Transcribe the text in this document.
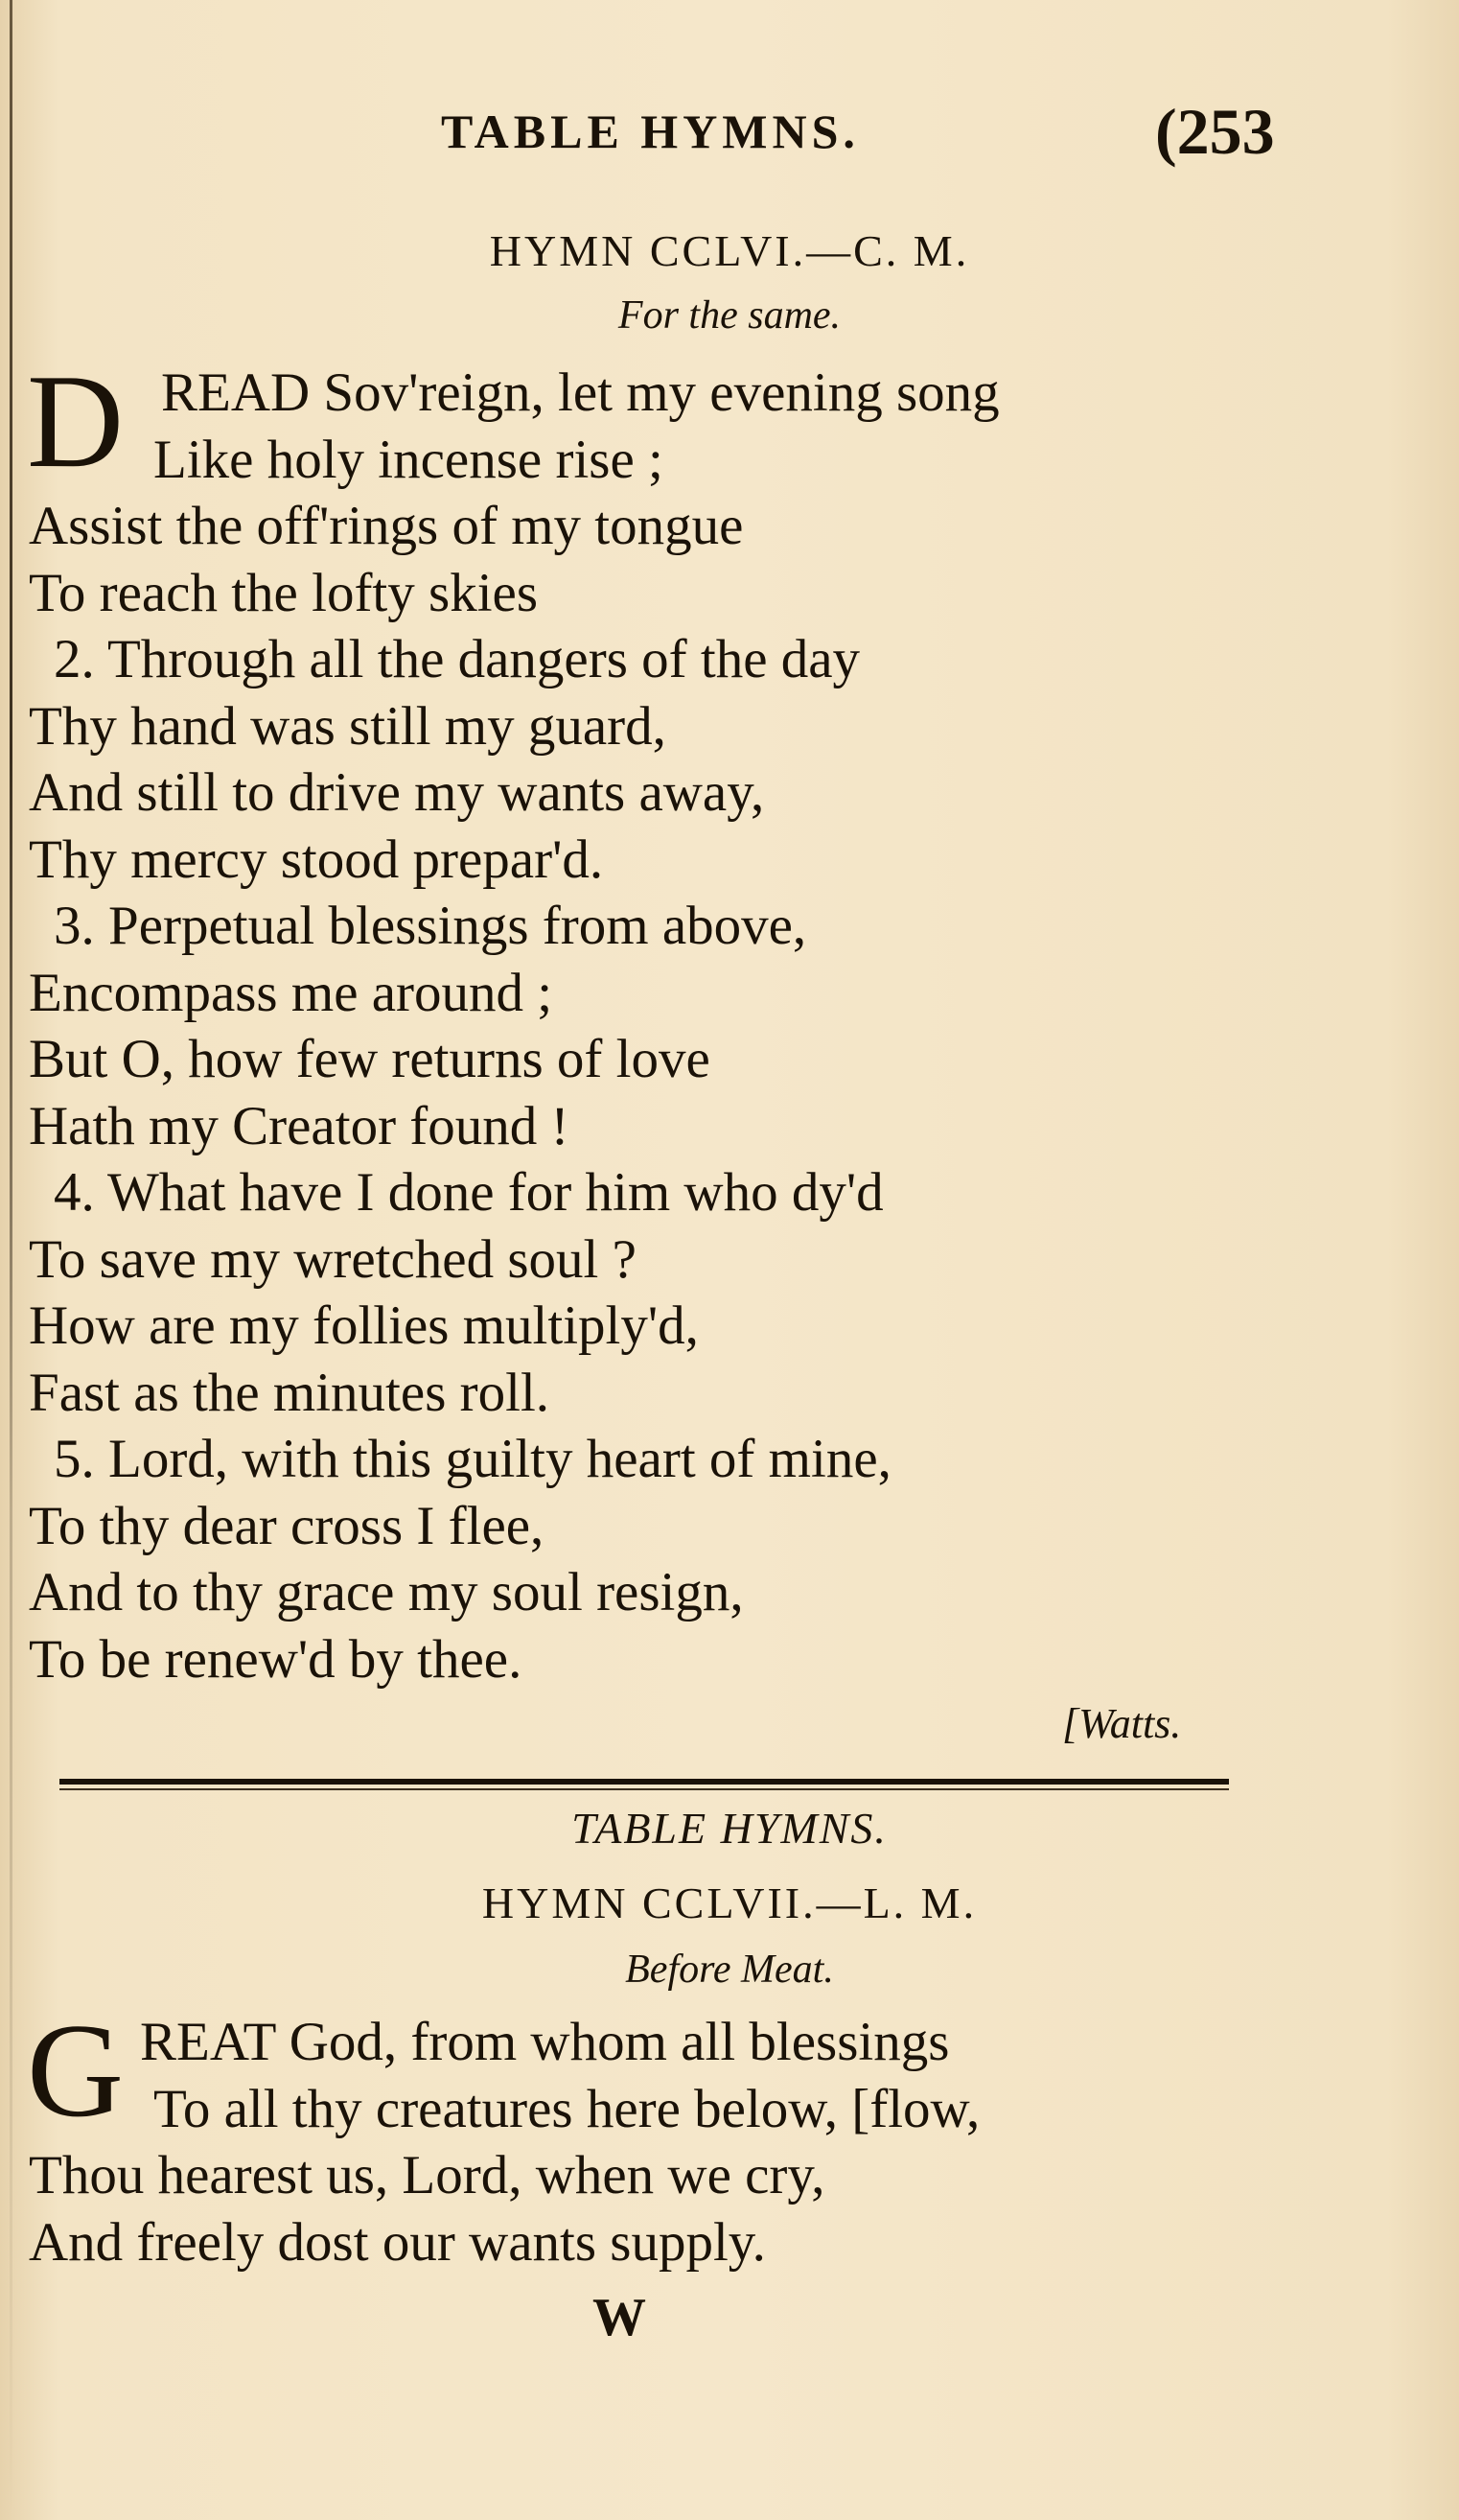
TABLE HYMNS.	(253
HYMN CCLVI.—C. M.
For the same.
D READ Sov'reign, let my evening song
Like holy incense rise ;
Assist the off'rings of my tongue
To reach the lofty skies
2. Through all the dangers of the day
Thy hand was still my guard,
And still to drive my wants away,
Thy mercy stood prepar'd.
3. Perpetual blessings from above,
Encompass me around ;
But O, how few returns of love
Hath my Creator found !
4. What have I done for him who dy'd
To save my wretched soul ?
How are my follies multiply'd,
Fast as the minutes roll.
5. Lord, with this guilty heart of mine,
To thy dear cross I flee,
And to thy grace my soul resign,
To be renew'd by thee.
[Watts.
TABLE HYMNS.
HYMN CCLVII.—L. M.
Before Meat.
G REAT God, from whom all blessings
To all thy creatures here below, [flow,
Thou hearest us, Lord, when we cry,
And freely dost our wants supply.
W
